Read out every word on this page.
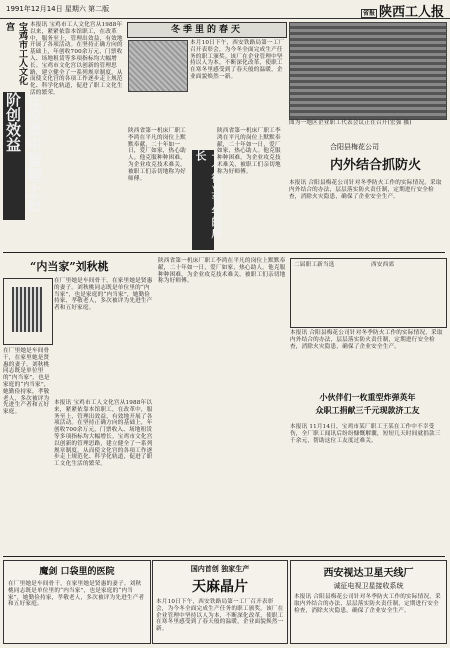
1991年12月14日 星期六 第二版
省报 陕西工人报
宝鸡市工人文化宫
在改革中管理上台阶创效益
本报讯 宝鸡市工人文化宫从1988年以来，紧紧依靠本馆职工，在改革中，服务至上，管理出效益，有效地开展了各项活动。在坚持正确方向的基础上，年创收700余万元，门票收入、场地租赁等多项指标均大幅增长。宝鸡市文化宫以创新的管理思路，建立健全了一系列规章制度，从而使文化宫的各项工作逐步走上规范化、科学化轨道，促进了职工文化生活的繁荣。
冬季里的春天
本月10日下午，西安铁路局第一工厂召开表彰会，为今冬全面完成生产任务的职工颁奖。该厂在企业管理中坚持以人为本，不断深化改革，使职工在寒冬里感受到了春天般的温暖，企业面貌焕然一新。
图为一地区企业职工代表会议正在召开(宏强 摄)
合阳县梅花公司
内外结合抓防火
本报讯 合阳县梅花公司针对冬季防火工作的实际情况，采取内外结合的办法，层层落实防火责任制，定期进行安全检查，消除火灾隐患，确保了企业安全生产。
陕西省第一机床厂职工李鸿在平凡的岗位上默默奉献，二十年如一日，爱厂如家，热心助人。他克服种种困难，为企业攻克技术难关，被职工们亲切地称为好师傅。	一个待业青年的成长
陕西省第一机床厂职工李鸿在平凡的岗位上默默奉献，二十年如一日，爱厂如家，热心助人。他克服种种困难，为企业攻克技术难关，被职工们亲切地称为好师傅。
“内当家”刘秋桃
在厂里她是车间骨干，在家里她是贤惠的妻子。刘秋桃同志既是单位里的“内当家”，也是家庭的“内当家”，她勤俭持家，孝敬老人，多次被评为先进生产者和五好家庭。
在厂里她是车间骨干，在家里她是贤惠的妻子。刘秋桃同志既是单位里的“内当家”，也是家庭的“内当家”，她勤俭持家，孝敬老人，多次被评为先进生产者和五好家庭。
陕西省第一机床厂职工李鸿在平凡的岗位上默默奉献，二十年如一日，爱厂如家，热心助人。他克服种种困难，为企业攻克技术难关，被职工们亲切地称为好师傅。
本报讯 宝鸡市工人文化宫从1988年以来，紧紧依靠本馆职工，在改革中，服务至上，管理出效益，有效地开展了各项活动。在坚持正确方向的基础上，年创收700余万元，门票收入、场地租赁等多项指标均大幅增长。宝鸡市文化宫以创新的管理思路，建立健全了一系列规章制度，从而使文化宫的各项工作逐步走上规范化、科学化轨道，促进了职工文化生活的繁荣。
二届职工新当选	西安西郊
本报讯 合阳县梅花公司针对冬季防火工作的实际情况，采取内外结合的办法，层层落实防火责任制，定期进行安全检查，消除火灾隐患，确保了企业安全生产。
小伙伴们一枚重型炸弹英年
众职工捐献三千元现款济工友
本报讯 11月14日，宝鸡市某厂职工王某在工作中不幸受伤，全厂职工闻讯后纷纷慷慨解囊，短短几天时间就捐款三千余元，帮助这位工友度过难关。
魔剑 口袋里的医院
在厂里她是车间骨干，在家里她是贤惠的妻子。刘秋桃同志既是单位里的“内当家”，也是家庭的“内当家”，她勤俭持家，孝敬老人，多次被评为先进生产者和五好家庭。
国内首创 独家生产
天麻晶片
本月10日下午，西安铁路局第一工厂召开表彰会，为今冬全面完成生产任务的职工颁奖。该厂在企业管理中坚持以人为本，不断深化改革，使职工在寒冬里感受到了春天般的温暖，企业面貌焕然一新。
西安视达卫星天线厂
诚征电视卫星接收系统
本报讯 合阳县梅花公司针对冬季防火工作的实际情况，采取内外结合的办法，层层落实防火责任制，定期进行安全检查，消除火灾隐患，确保了企业安全生产。
